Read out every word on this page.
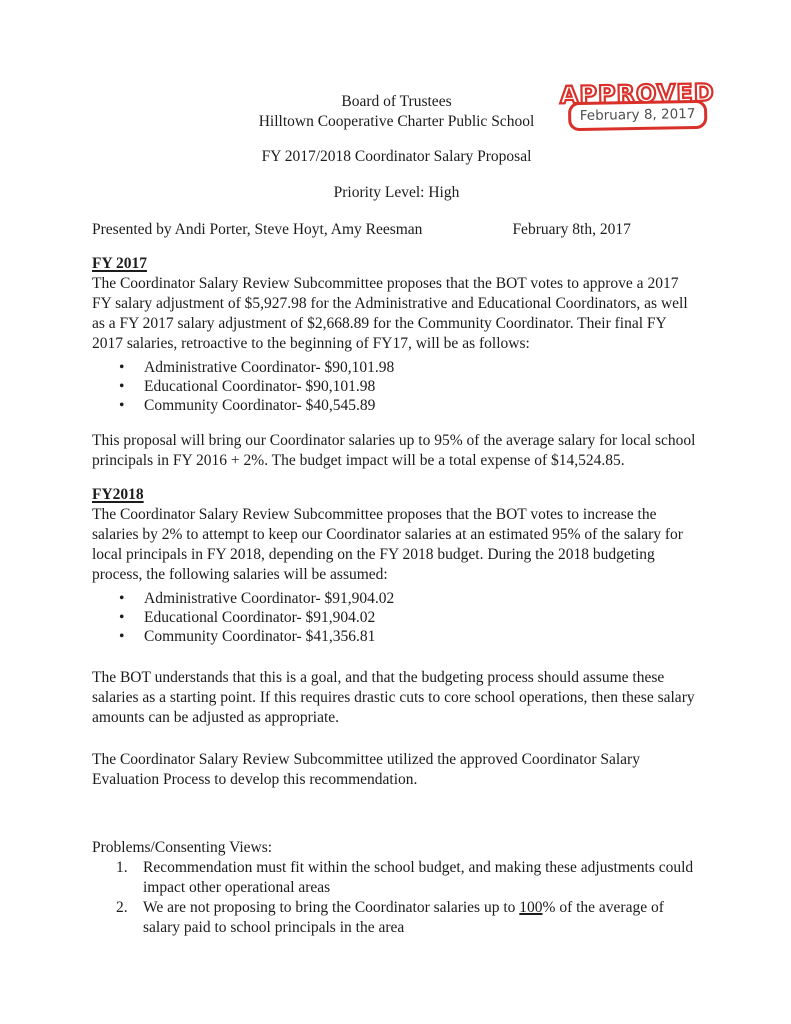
APPROVED
February 8, 2017
Board of Trustees
Hilltown Cooperative Charter Public School
FY 2017/2018 Coordinator Salary Proposal
Priority Level: High
Presented by Andi Porter, Steve Hoyt, Amy Reesman	February 8th, 2017
FY 2017

The Coordinator Salary Review Subcommittee proposes that the BOT votes to approve a 2017 FY salary adjustment of $5,927.98 for the Administrative and Educational Coordinators, as well as a FY 2017 salary adjustment of $2,668.89 for the Community Coordinator. Their final FY 2017 salaries, retroactive to the beginning of FY17, will be as follows:

•	Administrative Coordinator- $90,101.98
•	Educational Coordinator- $90,101.98
•	Community Coordinator- $40,545.89

This proposal will bring our Coordinator salaries up to 95% of the average salary for local school principals in FY 2016 + 2%. The budget impact will be a total expense of $14,524.85.

FY2018

The Coordinator Salary Review Subcommittee proposes that the BOT votes to increase the salaries by 2% to attempt to keep our Coordinator salaries at an estimated 95% of the salary for local principals in FY 2018, depending on the FY 2018 budget. During the 2018 budgeting process, the following salaries will be assumed:

•	Administrative Coordinator- $91,904.02
•	Educational Coordinator- $91,904.02
•	Community Coordinator- $41,356.81

The BOT understands that this is a goal, and that the budgeting process should assume these salaries as a starting point. If this requires drastic cuts to core school operations, then these salary amounts can be adjusted as appropriate.

The Coordinator Salary Review Subcommittee utilized the approved Coordinator Salary Evaluation Process to develop this recommendation.

Problems/Consenting Views:
1. Recommendation must fit within the school budget, and making these adjustments could impact other operational areas
2. We are not proposing to bring the Coordinator salaries up to 100% of the average of salary paid to school principals in the area
